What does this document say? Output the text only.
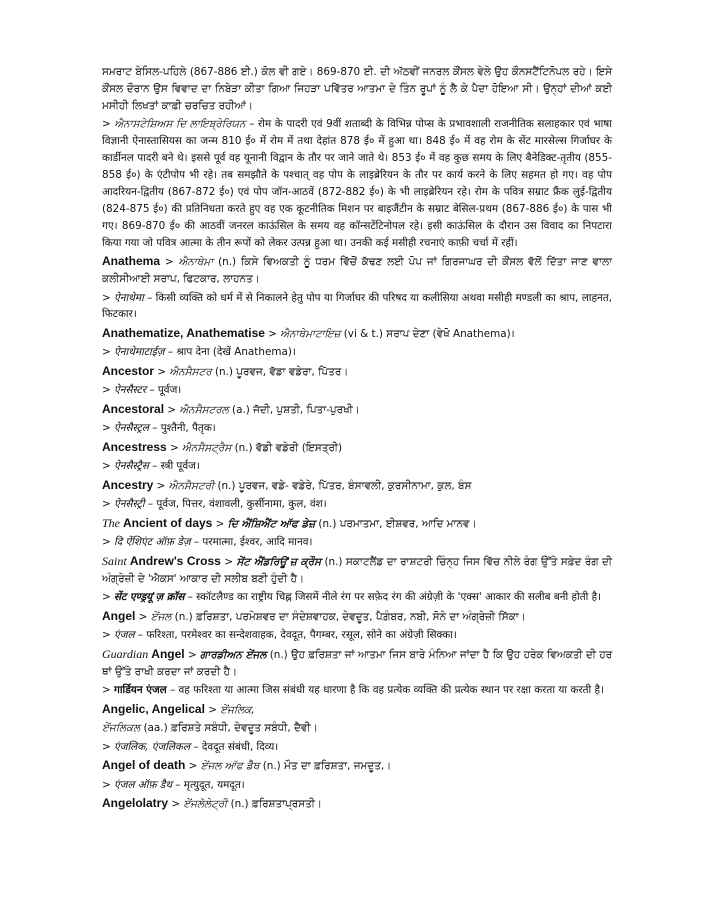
ਸਮਰਾਟ ਬੇਸਿਲ-ਪਹਿਲੇ (867-886 ਈ.) ਕੋਲ ਵੀ ਗਏ। 869-870 ਈ. ਦੀ ਅੱਠਵੀਂ ਜਨਰਲ ਕੌਂਸਲ ਵੇਲੇ ਉਹ ਕੌਨਸਟੈਂਟਿਨੋਪਲ ਰਹੇ। ਇਸੇ ਕੌਂਸਲ ਦੌਰਾਨ ਉਸ ਵਿਵਾਦ ਦਾ ਨਿਬੇੜਾ ਕੀਤਾ ਗਿਆ ਜਿਹੜਾ ਪਵਿੱਤਰ ਆਤਮਾ ਦੇ ਤਿੰਨ ਰੂਪਾਂ ਨੂੰ ਲੈ ਕੇ ਪੈਦਾ ਹੋਇਆ ਸੀ। ਉਨ੍ਹਾਂ ਦੀਆਂ ਕਈ ਮਸੀਹੀ ਲਿਖਤਾਂ ਕਾਫ਼ੀ ਚਰਚਿਤ ਰਹੀਆਂ।

> ਐਨਾਸਟੇਸ਼ਿਅਸ ਦਿ ਲਾਇਬ੍ਰੇਰਿਯਨ – रोम के पादरी एवं 9वीं शताब्दी के विभिन्न पोप्स के प्रभावशाली राजनीतिक सलाहकार एवं भाषा विज्ञानी ऐनास्तासियस का जन्म 810 ई० में रोम में तथा देहांत 878 ई० में हुआ था। 848 ई० में वह रोम के सेंट मारसेल्स गिर्जाघर के कार्डीनल पादरी बने थे। इससे पूर्व वह यूनानी विद्वान के तौर पर जाने जाते थे। 853 ई० में वह कुछ समय के लिए बैनेडिक्ट-तृतीय (855-858 ई०) के एंटीपोप भी रहे। तब समझौते के पश्चात् वह पोप के लाइब्रेरियन के तौर पर कार्य करने के लिए सहमत हो गए। वह पोप आदरियन-द्वितीय (867-872 ई०) एवं पोप जॉन-आठवें (872-882 ई०) के भी लाइब्रेरियन रहे। रोम के पवित्र सम्राट फ्रैंक लुई-द्वितीय (824-875 ई०) की प्रतिनिधता करते हुए वह एक कूटनीतिक मिशन पर बाइजैंटीन के सम्राट बेसिल-प्रथम (867-886 ई०) के पास भी गए। 869-870 ई० की आठवीं जनरल काऊंसिल के समय वह कॉन्सटेंटिनोपल रहे। इसी काऊंसिल के दौरान उस विवाद का निपटारा किया गया जो पवित्र आत्मा के तीन रूपों को लेकर उत्पन्न हुआ था। उनकी कई मसीही रचनाएं काफ़ी चर्चा में रहीं।

Anathema > ਐਨਾਥੇਮਾ (n.) ਕਿਸੇ ਵਿਅਕਤੀ ਨੂੰ ਧਰਮ ਵਿੱਚੋਂ ਕੱਢਣ ਲਈ ਪੋਪ ਜਾਂ ਗਿਰਜਾਘਰ ਦੀ ਕੌਂਸਲ ਵੱਲੋਂ ਦਿੱਤਾ ਜਾਣ ਵਾਲਾ ਕਲੀਸੀਆਈ ਸਰਾਪ, ਫਿਟਕਾਰ, ਲਾਹਨਤ।

> ऐनाथेमा – किसी व्यक्ति को धर्म में से निकालने हेतु पोप या गिर्जाघर की परिषद या कलीसिया अथवा मसीही मण्डली का श्राप, लाहनत, फिटकार।

Anathematize, Anathematise > ਐਨਾਥੇਮਾਟਾਇਜ਼ (vi & t.) ਸਰਾਪ ਦੇਣਾ (ਵੇਖੋ Anathema)।

> ऐनाथेमाटाईज़ – श्राप देना (देखें Anathema)।

Ancestor > ਐਨਸੈਸਟਰ (n.) ਪੂਰਵਜ, ਵੱਡਾ ਵਡੇਰਾ, ਪਿੱਤਰ।

> ऐनसैस्टर – पूर्वज।

Ancestoral > ਐਨਸੈਸਟਰਲ (a.) ਜੱਦੀ, ਪੁਸ਼ਤੀ, ਪਿਤਾ-ਪੁਰਖੀ।

> ऐनसैस्ट्रल – पुश्तैनी, पैतृक।

Ancestress > ਐਨਸੈਸਟ੍ਰੈਸ (n.) ਵੱਡੀ ਵਡੇਰੀ (ਇਸਤ੍ਰੀ)

> ऐनसैस्ट्रैस – स्त्री पूर्वज।

Ancestry > ਐਨਸੈਸਟਰੀ (n.) ਪੂਰਵਜ, ਵਡੇ- ਵਡੇਰੇ, ਪਿੱਤਰ, ਬੰਸਾਵਲੀ, ਕੁਰਸੀਨਾਮਾ, ਕੁਲ, ਬੰਸ

> ऐनसैस्ट्री – पूर्वज, पित्तर, वंशावली, कुर्सीनामा, कुल, वंश।

The Ancient of days > ਦਿ ਐਂਸ਼ਿਐਂਟ ਆੱਫ ਡੇਜ਼ (n.) ਪਰਮਾਤਮਾ, ਈਸ਼ਵਰ, ਆਦਿ ਮਾਨਵ।

> दि ऐंशिएंट ऑफ़ डेज़ – परमात्मा, ईश्वर, आदि मानव।

Saint Andrew's Cross > ਸੇਂਟ ਐਂਡਰਿਊ'ਜ਼ ਕ੍ਰੌਸ (n.) ਸਕਾਟਲੈਂਡ ਦਾ ਰਾਸ਼ਟਰੀ ਚਿੰਨ੍ਹ ਜਿਸ ਵਿੱਚ ਨੀਲੇ ਰੰਗ ਉੱਤੇ ਸਫ਼ੇਦ ਰੰਗ ਦੀ ਅੰਗ੍ਰੇਜ਼ੀ ਦੇ 'ਐਕਸ' ਆਕਾਰ ਦੀ ਸਲੀਬ ਬਣੀ ਹੁੰਦੀ ਹੈ।

> सेंट एण्ड्रयू'ज़ क्रॉस – स्कॉटलैण्ड का राष्ट्रीय चिह्न जिसमें नीले रंग पर सफ़ेद रंग की अंग्रेज़ी के 'एक्स' आकार की सलीब बनी होती है।

Angel > ਏਂਜਲ (n.) ਫ਼ਰਿਸ਼ਤਾ, ਪਰਮੇਸ਼ਵਰ ਦਾ ਸੰਦੇਸ਼ਵਾਹਕ, ਦੇਵਦੂਤ, ਪੈਗ਼ੰਬਰ, ਨਬੀ, ਸੋਨੇ ਦਾ ਅੰਗ੍ਰੇਜ਼ੀ ਸਿੱਕਾ।

> एंजल – फरिश्ता, परमेश्वर का सन्देशवाहक, देवदूत, पैगम्बर, रसूल, सोने का अंग्रेज़ी सिक्का।

Guardian Angel > ਗਾਰਡੀਅਨ ਏਂਜਲ (n.) ਉਹ ਫ਼ਰਿਸ਼ਤਾ ਜਾਂ ਆਤਮਾ ਜਿਸ ਬਾਰੇ ਮੰਨਿਆ ਜਾਂਦਾ ਹੈ ਕਿ ਉਹ ਹਰੇਕ ਵਿਅਕਤੀ ਦੀ ਹਰ ਥਾਂ ਉੱਤੇ ਰਾਖੀ ਕਰਦਾ ਜਾਂ ਕਰਦੀ ਹੈ।

> गार्डियन एंजल – वह फरिश्ता या आत्मा जिस संबंधी यह धारणा है कि वह प्रत्येक व्यक्ति की प्रत्येक स्थान पर रक्षा करता या करती है।

Angelic, Angelical > ਏਂਜਲਿਕ,

ਏਂਜਲਿਕਲ (aa.) ਫ਼ਰਿਸ਼ਤੇ ਸਬੰਧੀ, ਦੇਵਦੂਤ ਸਬੰਧੀ, ਦੈਵੀ।

> एंजलिक, एंजलिकल – देवदूत संबंधी, दिव्य।

Angel of death > ਏਂਜਲ ਆੱਫ ਡੈੱਥ (n.) ਮੌਤ ਦਾ ਫ਼ਰਿਸ਼ਤਾ, ਜਮਦੂਤ,।

> एंजल ऑफ़ डैथ – मृत्युदूत, यमदूत।

Angelolatry > ਏਂਜਲੋਲੇਟ੍ਰੀ (n.) ਫ਼ਰਿਸ਼ਤਾਪ੍ਰਸਤੀ।
